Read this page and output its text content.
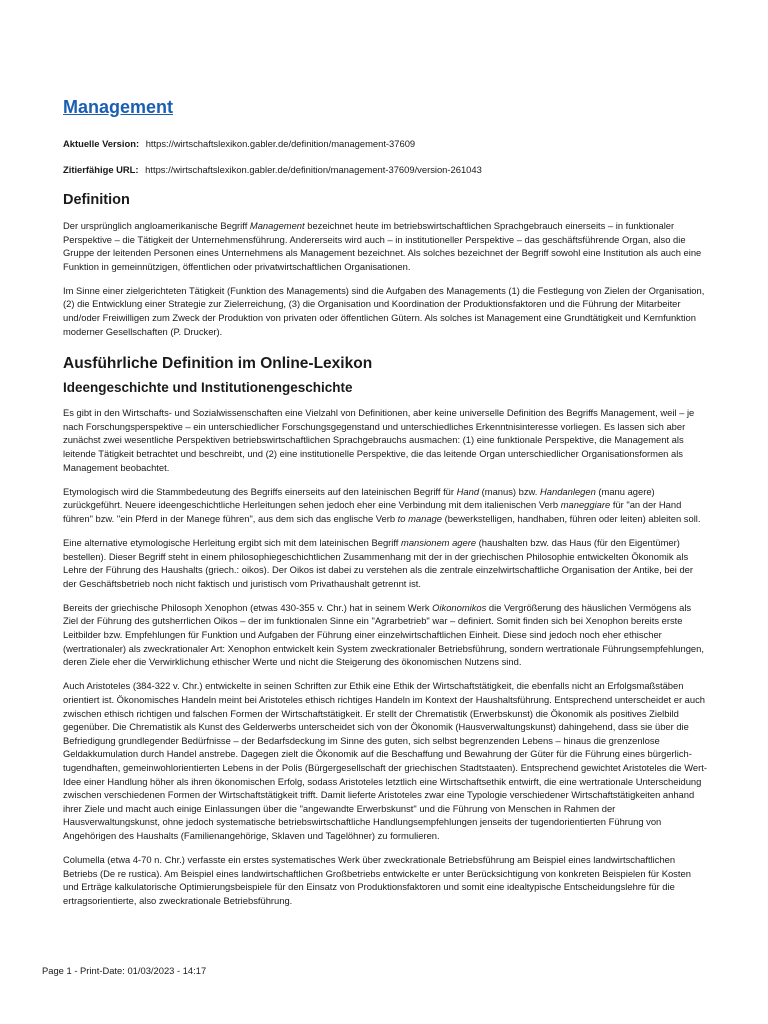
Management
Aktuelle Version: https://wirtschaftslexikon.gabler.de/definition/management-37609
Zitierfähige URL: https://wirtschaftslexikon.gabler.de/definition/management-37609/version-261043
Definition

Der ursprünglich angloamerikanische Begriff Management bezeichnet heute im betriebswirtschaftlichen Sprachgebrauch einerseits – in funktionaler Perspektive – die Tätigkeit der Unternehmensführung. Andererseits wird auch – in institutioneller Perspektive – das geschäftsführende Organ, also die Gruppe der leitenden Personen eines Unternehmens als Management bezeichnet. Als solches bezeichnet der Begriff sowohl eine Institution als auch eine Funktion in gemeinnützigen, öffentlichen oder privatwirtschaftlichen Organisationen.

Im Sinne einer zielgerichteten Tätigkeit (Funktion des Managements) sind die Aufgaben des Managements (1) die Festlegung von Zielen der Organisation, (2) die Entwicklung einer Strategie zur Zielerreichung, (3) die Organisation und Koordination der Produktionsfaktoren und die Führung der Mitarbeiter und/oder Freiwilligen zum Zweck der Produktion von privaten oder öffentlichen Gütern. Als solches ist Management eine Grundtätigkeit und Kernfunktion moderner Gesellschaften (P. Drucker).

Ausführliche Definition im Online-Lexikon
Ideengeschichte und Institutionengeschichte

Es gibt in den Wirtschafts- und Sozialwissenschaften eine Vielzahl von Definitionen, aber keine universelle Definition des Begriffs Management, weil – je nach Forschungsperspektive – ein unterschiedlicher Forschungsgegenstand und unterschiedliches Erkenntnisinteresse vorliegen. Es lassen sich aber zunächst zwei wesentliche Perspektiven betriebswirtschaftlichen Sprachgebrauchs ausmachen: (1) eine funktionale Perspektive, die Management als leitende Tätigkeit betrachtet und beschreibt, und (2) eine institutionelle Perspektive, die das leitende Organ unterschiedlicher Organisationsformen als Management beobachtet.

Etymologisch wird die Stammbedeutung des Begriffs einerseits auf den lateinischen Begriff für Hand (manus) bzw. Handanlegen (manu agere) zurückgeführt. Neuere ideengeschichtliche Herleitungen sehen jedoch eher eine Verbindung mit dem italienischen Verb maneggiare für "an der Hand führen" bzw. "ein Pferd in der Manege führen", aus dem sich das englische Verb to manage (bewerkstelligen, handhaben, führen oder leiten) ableiten soll.

Eine alternative etymologische Herleitung ergibt sich mit dem lateinischen Begriff mansionem agere (haushalten bzw. das Haus (für den Eigentümer) bestellen). Dieser Begriff steht in einem philosophiegeschichtlichen Zusammenhang mit der in der griechischen Philosophie entwickelten Ökonomik als Lehre der Führung des Haushalts (griech.: oikos). Der Oikos ist dabei zu verstehen als die zentrale einzelwirtschaftliche Organisation der Antike, bei der der Geschäftsbetrieb noch nicht faktisch und juristisch vom Privathaushalt getrennt ist.

Bereits der griechische Philosoph Xenophon (etwas 430-355 v. Chr.) hat in seinem Werk Oikonomikos die Vergrößerung des häuslichen Vermögens als Ziel der Führung des gutsherrlichen Oikos – der im funktionalen Sinne ein "Agrarbetrieb" war – definiert. Somit finden sich bei Xenophon bereits erste Leitbilder bzw. Empfehlungen für Funktion und Aufgaben der Führung einer einzelwirtschaftlichen Einheit. Diese sind jedoch noch eher ethischer (wertrationaler) als zweckrationaler Art: Xenophon entwickelt kein System zweckrationaler Betriebsführung, sondern wertrationale Führungsempfehlungen, deren Ziele eher die Verwirklichung ethischer Werte und nicht die Steigerung des ökonomischen Nutzens sind.

Auch Aristoteles (384-322 v. Chr.) entwickelte in seinen Schriften zur Ethik eine Ethik der Wirtschaftstätigkeit, die ebenfalls nicht an Erfolgsmaßstäben orientiert ist. Ökonomisches Handeln meint bei Aristoteles ethisch richtiges Handeln im Kontext der Haushaltsführung. Entsprechend unterscheidet er auch zwischen ethisch richtigen und falschen Formen der Wirtschaftstätigkeit. Er stellt der Chrematistik (Erwerbskunst) die Ökonomik als positives Zielbild gegenüber. Die Chrematistik als Kunst des Gelderwerbs unterscheidet sich von der Ökonomik (Hausverwaltungskunst) dahingehend, dass sie über die Befriedigung grundlegender Bedürfnisse – der Bedarfsdeckung im Sinne des guten, sich selbst begrenzenden Lebens – hinaus die grenzenlose Geldakkumulation durch Handel anstrebe. Dagegen zielt die Ökonomik auf die Beschaffung und Bewahrung der Güter für die Führung eines bürgerlich-tugendhaften, gemeinwohlorientierten Lebens in der Polis (Bürgergesellschaft der griechischen Stadtstaaten). Entsprechend gewichtet Aristoteles die Wert-Idee einer Handlung höher als ihren ökonomischen Erfolg, sodass Aristoteles letztlich eine Wirtschaftsethik entwirft, die eine wertrationale Unterscheidung zwischen verschiedenen Formen der Wirtschaftstätigkeit trifft. Damit lieferte Aristoteles zwar eine Typologie verschiedener Wirtschaftstätigkeiten anhand ihrer Ziele und macht auch einige Einlassungen über die "angewandte Erwerbskunst" und die Führung von Menschen in Rahmen der Hausverwaltungskunst, ohne jedoch systematische betriebswirtschaftliche Handlungsempfehlungen jenseits der tugendorientierten Führung von Angehörigen des Haushalts (Familienangehörige, Sklaven und Tagelöhner) zu formulieren.

Columella (etwa 4-70 n. Chr.) verfasste ein erstes systematisches Werk über zweckrationale Betriebsführung am Beispiel eines landwirtschaftlichen Betriebs (De re rustica). Am Beispiel eines landwirtschaftlichen Großbetriebs entwickelte er unter Berücksichtigung von konkreten Beispielen für Kosten und Erträge kalkulatorische Optimierungsbeispiele für den Einsatz von Produktionsfaktoren und somit eine idealtypische Entscheidungslehre für die ertragsorientierte, also zweckrationale Betriebsführung.

Page 1 - Print-Date: 01/03/2023 - 14:17
